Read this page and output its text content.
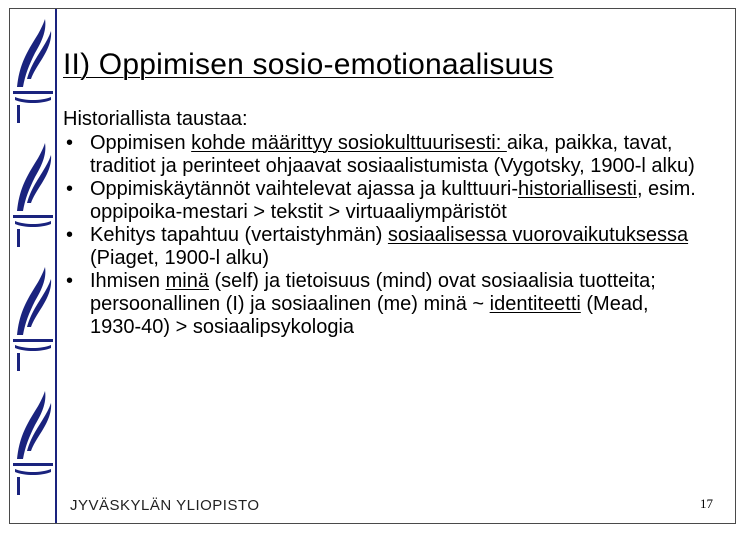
II) Oppimisen sosio-emotionaalisuus
Historiallista taustaa:
• Oppimisen kohde määrittyy sosiokulttuurisesti: aika, paikka, tavat, traditiot ja perinteet ohjaavat sosiaalistumista (Vygotsky, 1900-l alku)
• Oppimiskäytännöt vaihtelevat ajassa ja kulttuuri-historiallisesti, esim. oppipoika-mestari > tekstit > virtuaaliympäristöt
• Kehitys tapahtuu (vertaistyhmän) sosiaalisessa vuorovaikutuksessa (Piaget, 1900-l alku)
• Ihmisen minä (self) ja tietoisuus (mind) ovat sosiaalisia tuotteita; persoonallinen (I) ja sosiaalinen (me) minä ~ identiteetti (Mead, 1930-40) > sosiaalipsykologia
JYVÄSKYLÄN YLIOPISTO	17
